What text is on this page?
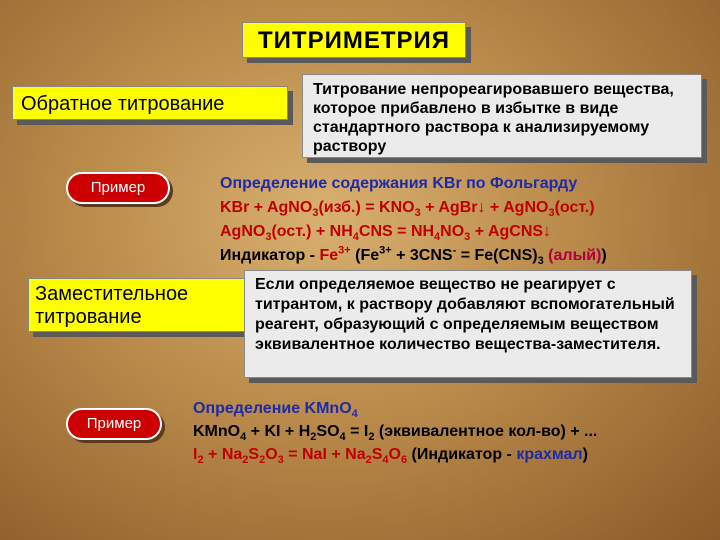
ТИТРИМЕТРИЯ
Обратное титрование
Титрование непрореагировавшего вещества, которое прибавлено в избытке в виде стандартного раствора к анализируемому раствору
Пример	Определение содержания KBr по Фольгарду
KBr + AgNO$_3$(изб.) = $KNO_3$ + AgBr↓ + AgNO$_3$(ост.)
AgNO$_3$(ост.) + $NH_4CNS = NH_4NO_3$ + AgCNS↓
Индикатор - $Fe^{3+}$ ($Fe^{3+} + 3CNS^- = Fe(CNS)_3$ (алый))
Заместительное титрование
Если определяемое вещество не реагирует с титрантом, к раствору добавляют вспомогательный реагент, образующий с определяемым веществом эквивалентное количество вещества-заместителя.
Пример
Определение KMnO$_4$
KMnO$_4$ + KI + $H_2SO_4 = I_2$ (эквивалентное кол-во) + ...
$I_2 + Na_2S_2O_3$ = NaI + $Na_2S_4O_6$ (Индикатор - крахмал)
